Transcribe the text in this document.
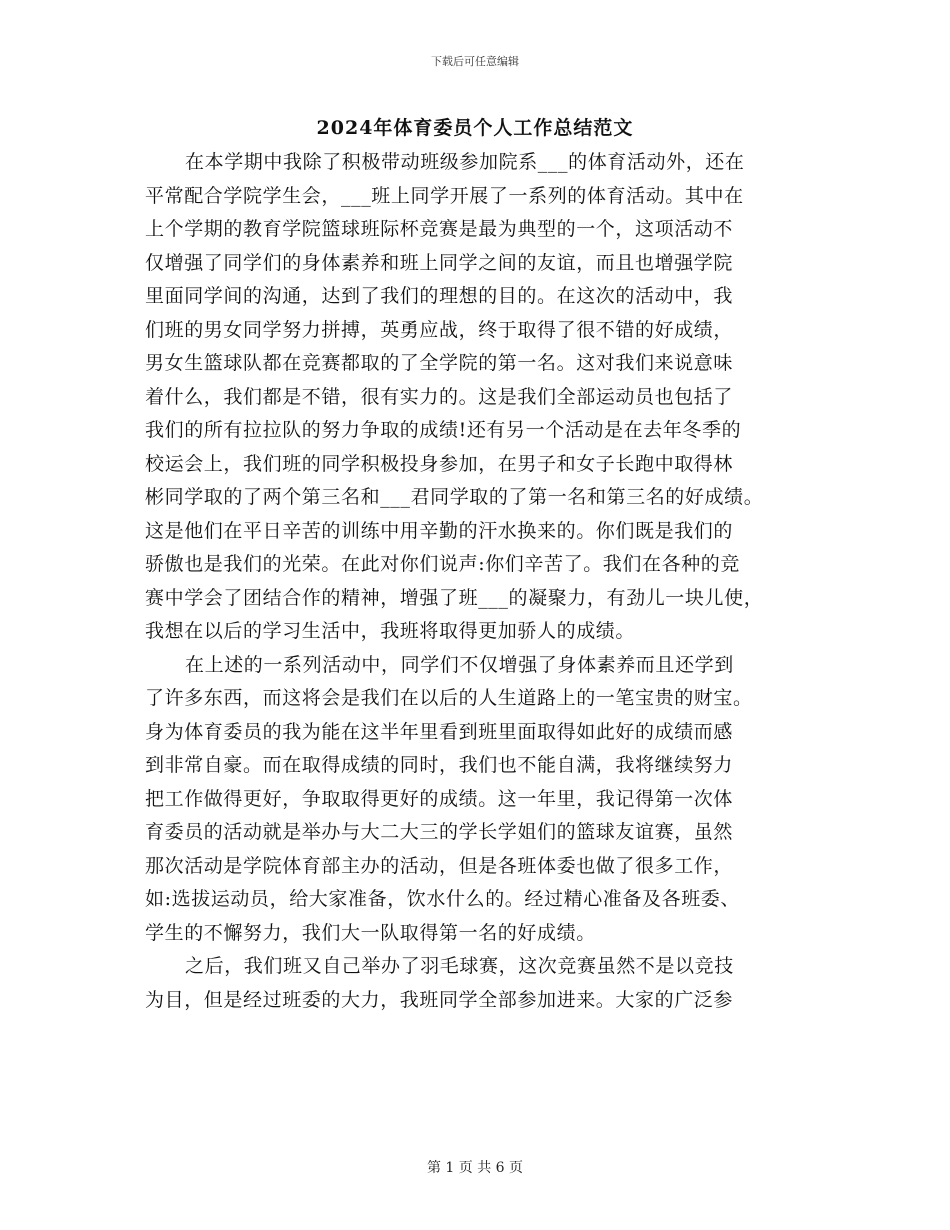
下载后可任意编辑
2024年体育委员个人工作总结范文
在本学期中我除了积极带动班级参加院系___的体育活动外，还在
平常配合学院学生会，___班上同学开展了一系列的体育活动。其中在
上个学期的教育学院篮球班际杯竞赛是最为典型的一个，这项活动不
仅增强了同学们的身体素养和班上同学之间的友谊，而且也增强学院
里面同学间的沟通，达到了我们的理想的目的。在这次的活动中，我
们班的男女同学努力拼搏，英勇应战，终于取得了很不错的好成绩，
男女生篮球队都在竞赛都取的了全学院的第一名。这对我们来说意味
着什么，我们都是不错，很有实力的。这是我们全部运动员也包括了
我们的所有拉拉队的努力争取的成绩!还有另一个活动是在去年冬季的
校运会上，我们班的同学积极投身参加，在男子和女子长跑中取得林
彬同学取的了两个第三名和___君同学取的了第一名和第三名的好成绩。
这是他们在平日辛苦的训练中用辛勤的汗水换来的。你们既是我们的
骄傲也是我们的光荣。在此对你们说声:你们辛苦了。我们在各种的竞
赛中学会了团结合作的精神，增强了班___的凝聚力，有劲儿一块儿使，
我想在以后的学习生活中，我班将取得更加骄人的成绩。
在上述的一系列活动中，同学们不仅增强了身体素养而且还学到
了许多东西，而这将会是我们在以后的人生道路上的一笔宝贵的财宝。
身为体育委员的我为能在这半年里看到班里面取得如此好的成绩而感
到非常自豪。而在取得成绩的同时，我们也不能自满，我将继续努力
把工作做得更好，争取取得更好的成绩。这一年里，我记得第一次体
育委员的活动就是举办与大二大三的学长学姐们的篮球友谊赛，虽然
那次活动是学院体育部主办的活动，但是各班体委也做了很多工作，
如:选拔运动员，给大家准备，饮水什么的。经过精心准备及各班委、
学生的不懈努力，我们大一队取得第一名的好成绩。
之后，我们班又自己举办了羽毛球赛，这次竞赛虽然不是以竞技
为目，但是经过班委的大力，我班同学全部参加进来。大家的广泛参
第 1 页 共 6 页
